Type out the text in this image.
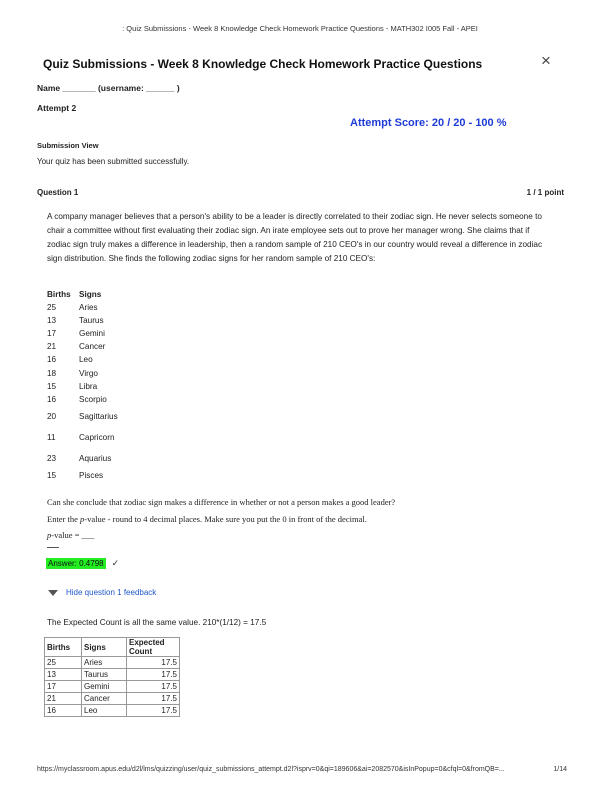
: Quiz Submissions - Week 8 Knowledge Check Homework Practice Questions - MATH302 I005 Fall - APEI
Quiz Submissions - Week 8 Knowledge Check Homework Practice Questions	×
Name _______ (username: ______ )
Attempt 2
Attempt Score: 20 / 20 - 100 %
Submission View
Your quiz has been submitted successfully.
Question 1	1 / 1 point
A company manager believes that a person's ability to be a leader is directly correlated to their zodiac sign. He never selects someone to chair a committee without first evaluating their zodiac sign. An irate employee sets out to prove her manager wrong. She claims that if zodiac sign truly makes a difference in leadership, then a random sample of 210 CEO's in our country would reveal a difference in zodiac sign distribution. She finds the following zodiac signs for her random sample of 210 CEO's:
Births	Signs
25	Aries
13	Taurus
17	Gemini
21	Cancer
16	Leo
18	Virgo
15	Libra
16	Scorpio
20	Sagittarius
11	Capricorn
23	Aquarius
15	Pisces
Can she conclude that zodiac sign makes a difference in whether or not a person makes a good leader?
Enter the p-value - round to 4 decimal places. Make sure you put the 0 in front of the decimal.
p-value = ___
Answer: 0.4798 ✓
Hide question 1 feedback
The Expected Count is all the same value. 210*(1/12) = 17.5
Births	Signs	Expected Count
25	Aries	17.5
13	Taurus	17.5
17	Gemini	17.5
21	Cancer	17.5
16	Leo	17.5
https://myclassroom.apus.edu/d2l/lms/quizzing/user/quiz_submissions_attempt.d2l?isprv=0&qi=189606&ai=2082570&isInPopup=0&cfql=0&fromQB=...	1/14
